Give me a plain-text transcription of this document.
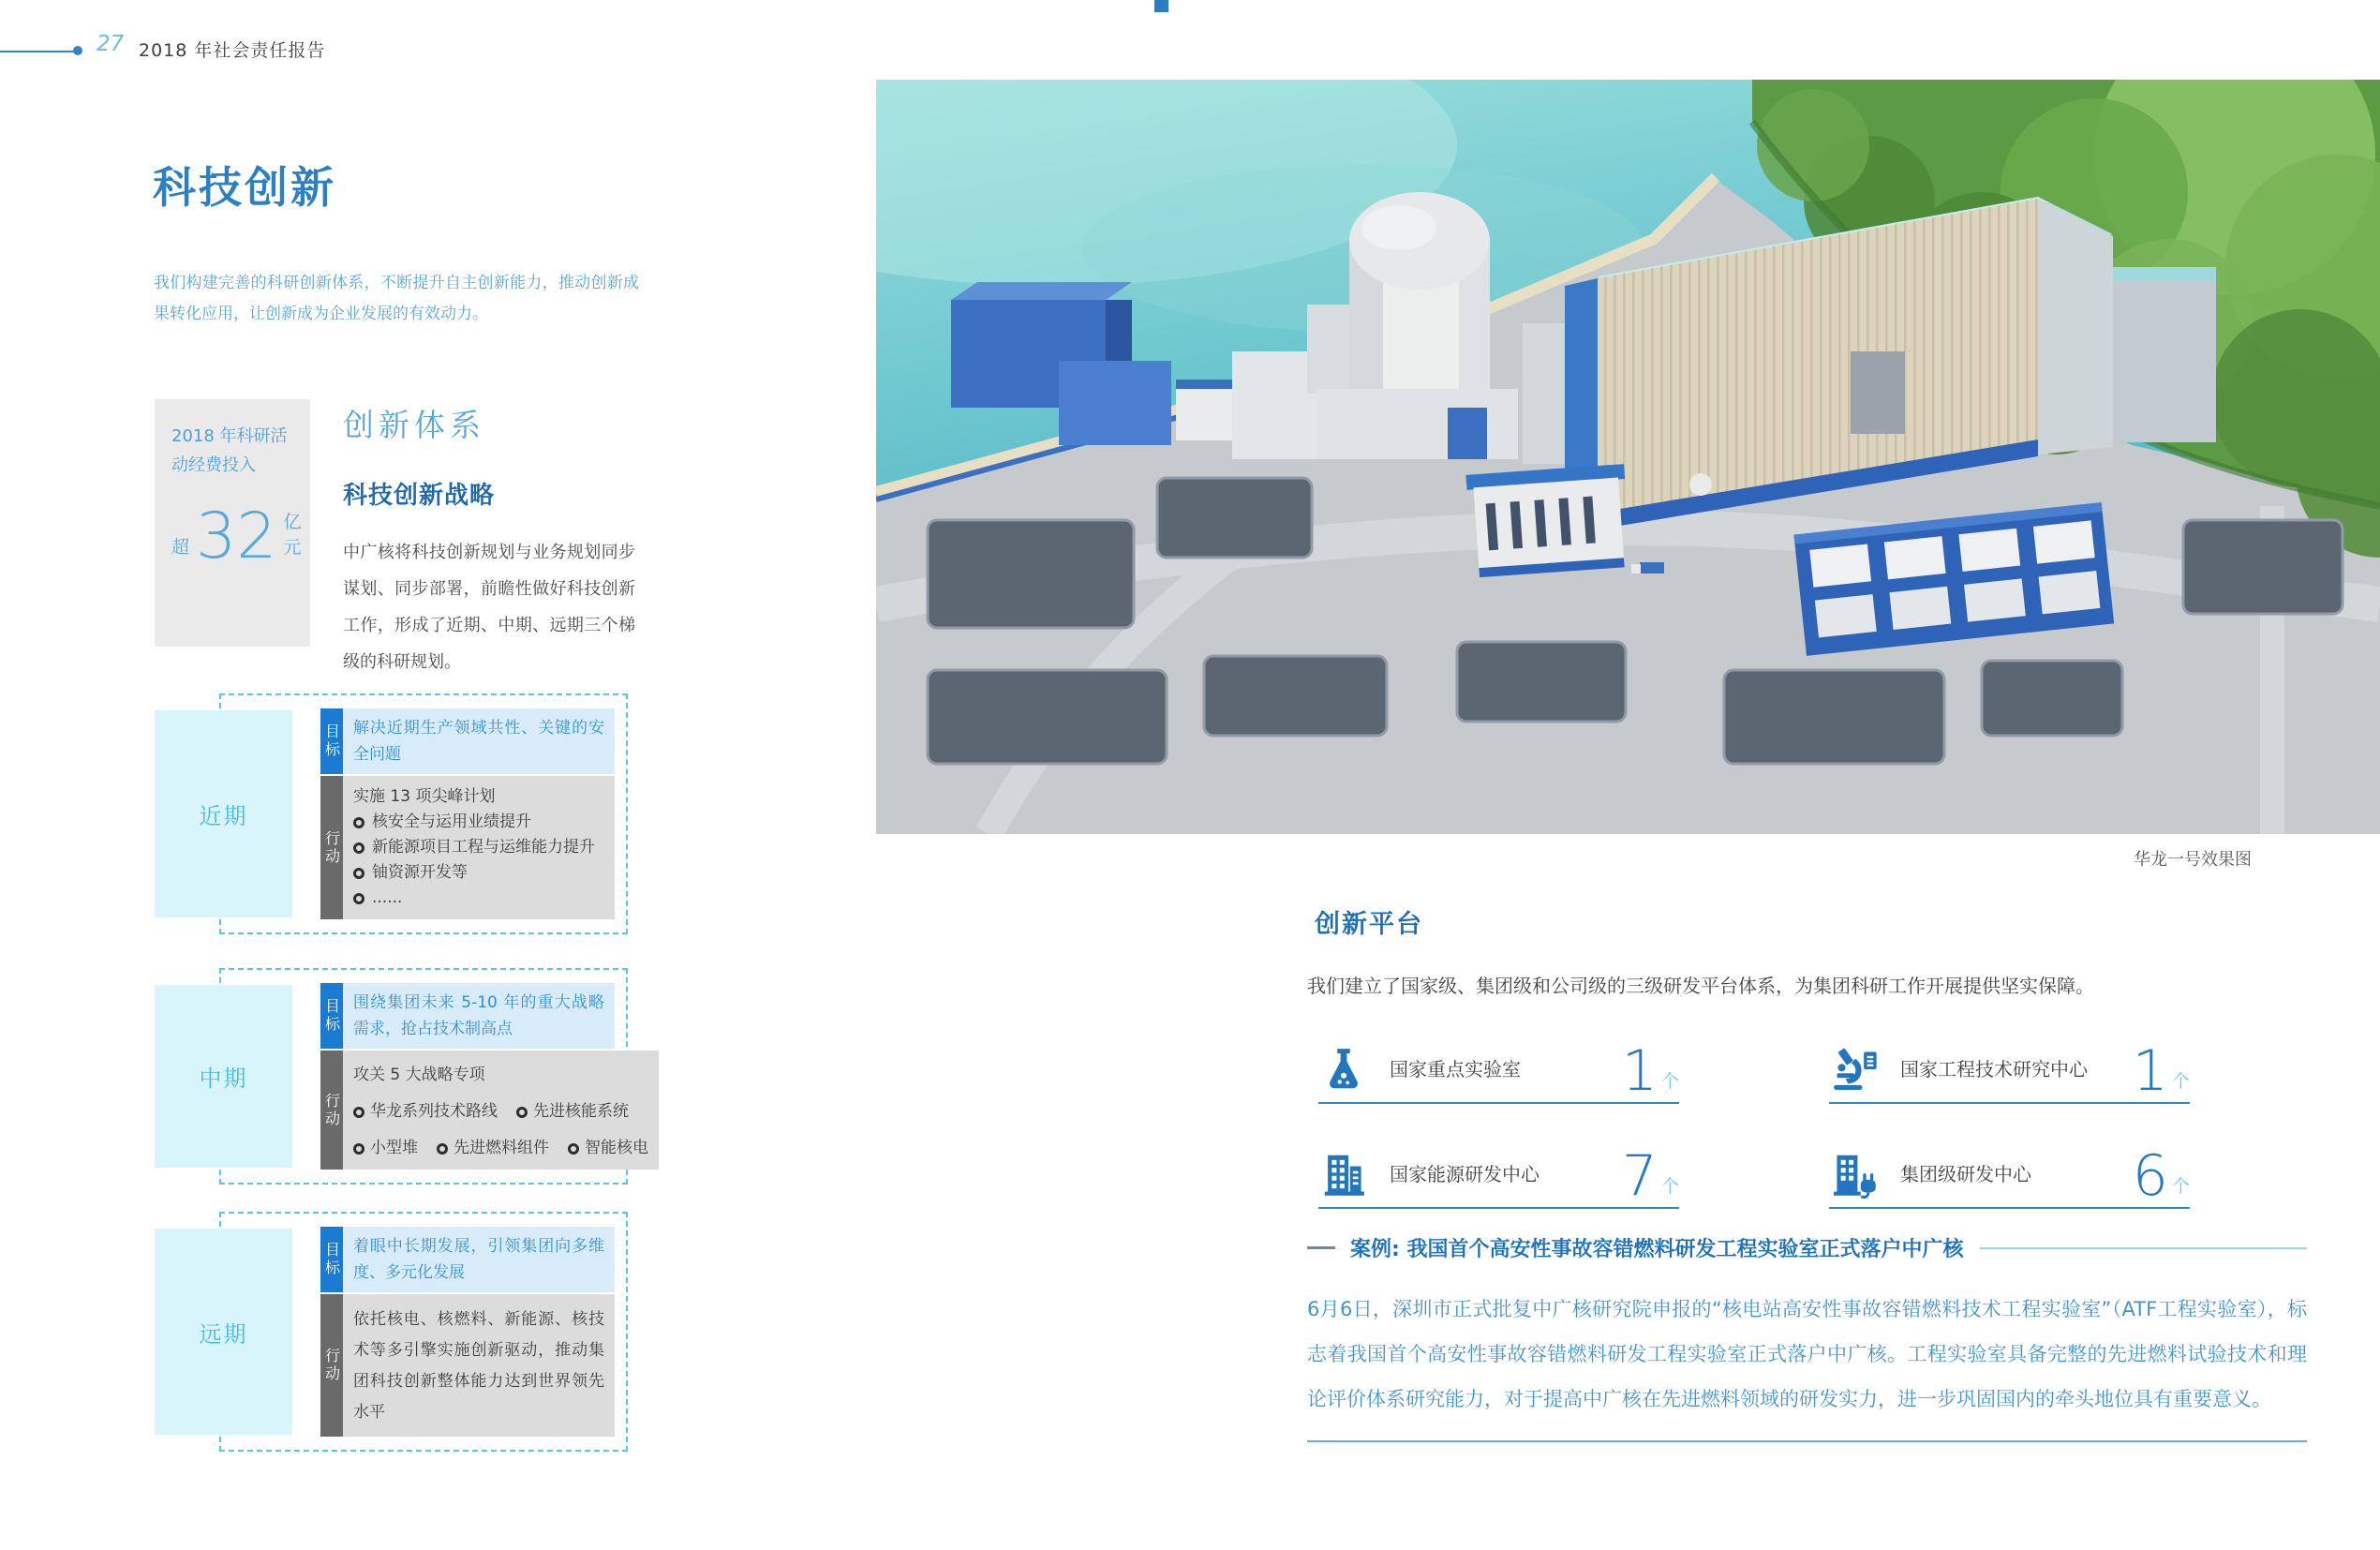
27 2018 年社会责任报告
科技创新
我们构建完善的科研创新体系，不断提升自主创新能力，推动创新成果转化应用，让创新成为企业发展的有效动力。
2018 年科研活动经费投入
超 32 亿元
创新体系
科技创新战略
中广核将科技创新规划与业务规划同步谋划、同步部署，前瞻性做好科技创新工作，形成了近期、中期、远期三个梯级的科研规划。
近期
目标 解决近期生产领域共性、关键的安全问题
行动
实施 13 项尖峰计划
核安全与运用业绩提升
新能源项目工程与运维能力提升
铀资源开发等
......
中期
目标 围绕集团未来 5-10 年的重大战略需求，抢占技术制高点
行动
攻关 5 大战略专项
华龙系列技术路线 先进核能系统
小型堆 先进燃料组件 智能核电
远期
目标 着眼中长期发展，引领集团向多维度、多元化发展
行动
依托核电、核燃料、新能源、核技术等多引擎实施创新驱动，推动集团科技创新整体能力达到世界领先水平
华龙一号效果图
创新平台
我们建立了国家级、集团级和公司级的三级研发平台体系，为集团科研工作开展提供坚实保障。
国家重点实验室 1 个
国家工程技术研究中心 1 个
国家能源研发中心 7 个
集团级研发中心 6 个
案例: 我国首个高安性事故容错燃料研发工程实验室正式落户中广核
6月6日，深圳市正式批复中广核研究院申报的“核电站高安性事故容错燃料技术工程实验室”（ATF工程实验室），标志着我国首个高安性事故容错燃料研发工程实验室正式落户中广核。工程实验室具备完整的先进燃料试验技术和理论评价体系研究能力，对于提高中广核在先进燃料领域的研发实力，进一步巩固国内的牵头地位具有重要意义。
